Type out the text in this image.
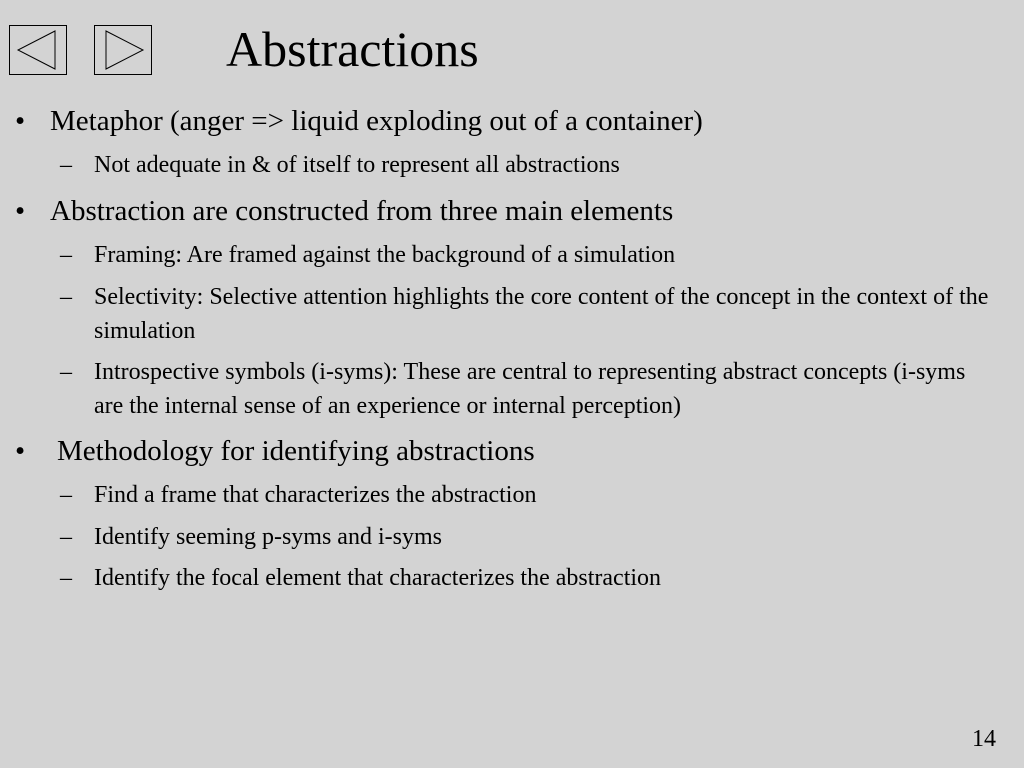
Abstractions
• Metaphor (anger => liquid exploding out of a container)
– Not adequate in & of itself to represent all abstractions
• Abstraction are constructed from three main elements
– Framing: Are framed against the background of a simulation
– Selectivity: Selective attention highlights the core content of the concept in the context of the simulation
– Introspective symbols (i-syms): These are central to representing abstract concepts (i-syms are the internal sense of an experience or internal perception)
• Methodology for identifying abstractions
– Find a frame that characterizes the abstraction
– Identify seeming p-syms and i-syms
– Identify the focal element that characterizes the abstraction
14
